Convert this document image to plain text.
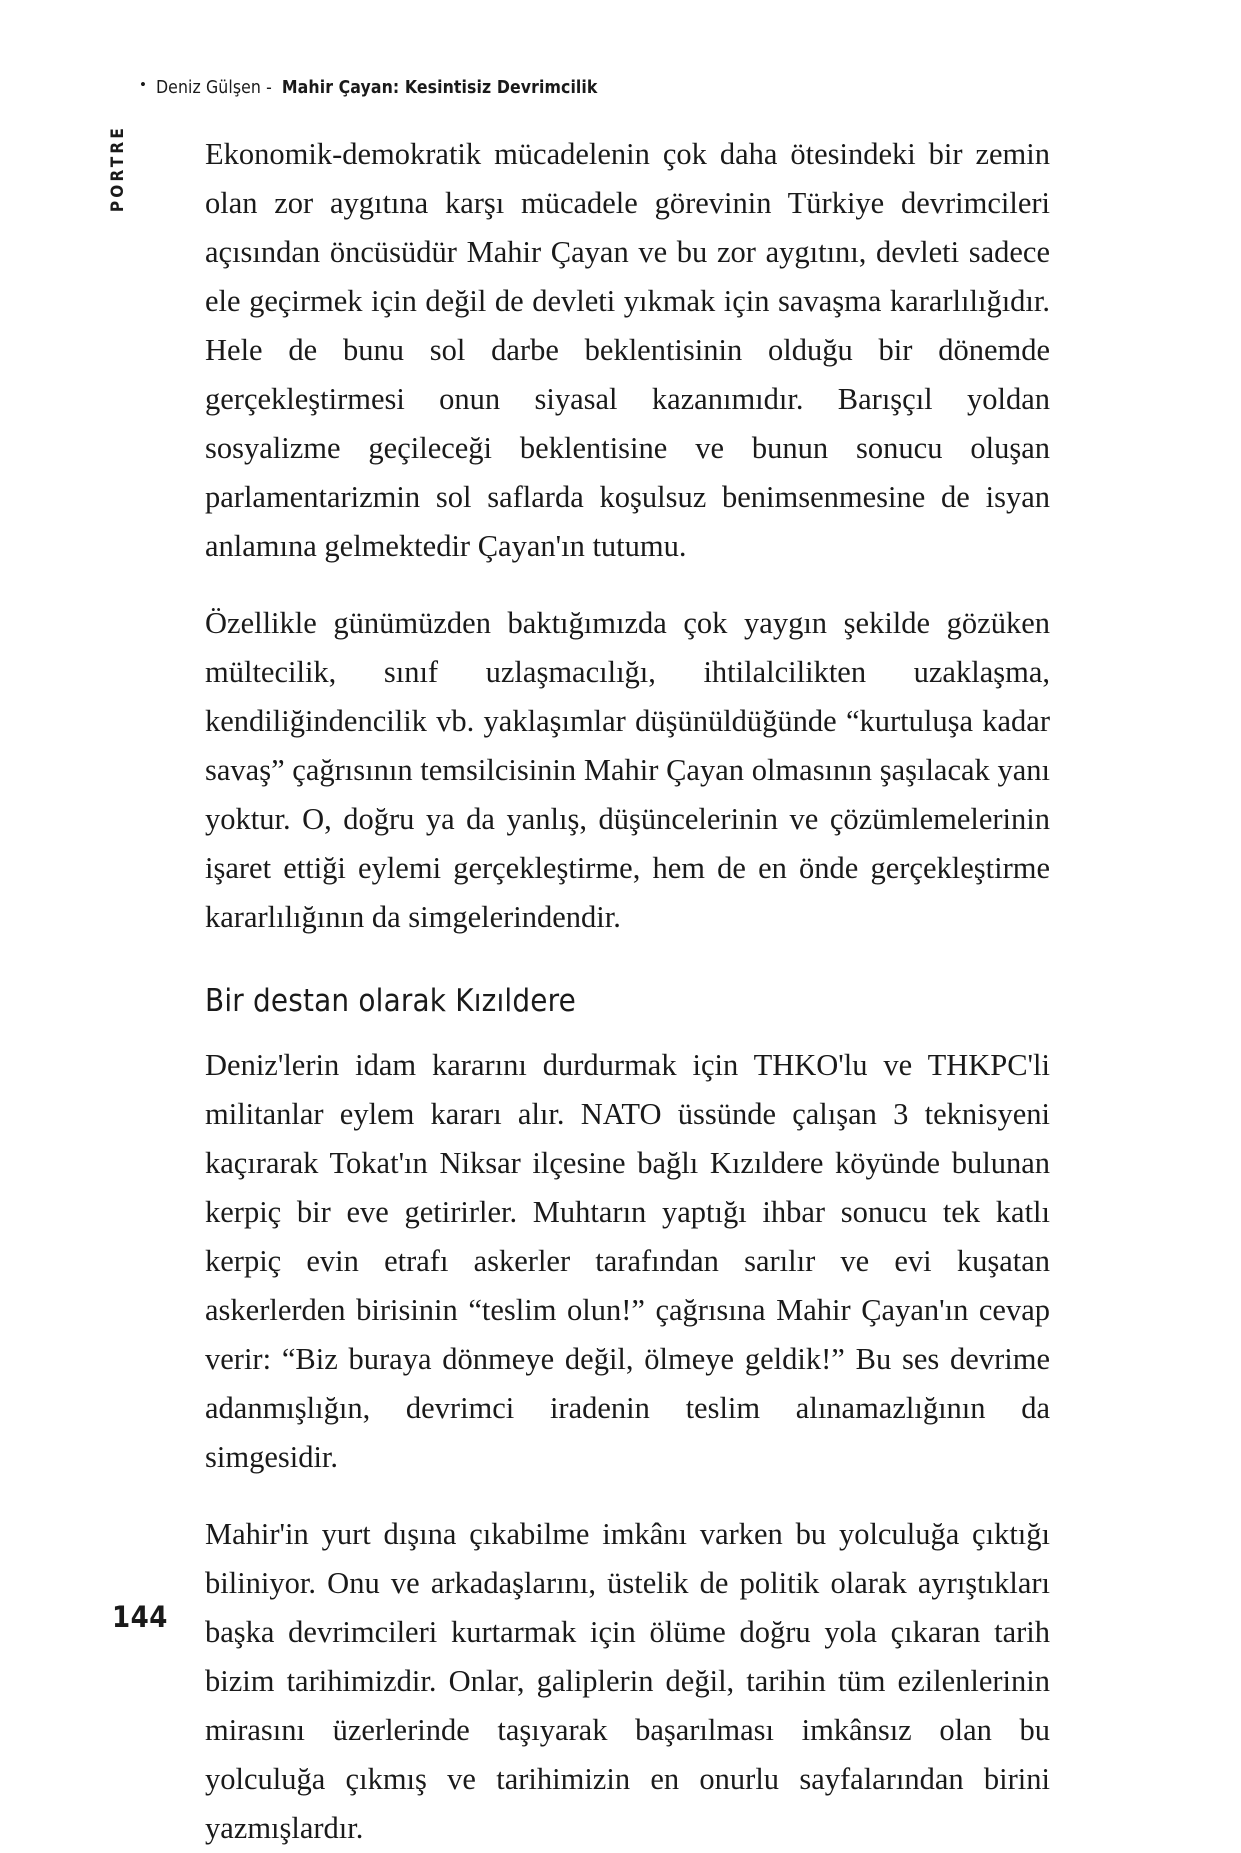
• Deniz Gülşen - Mahir Çayan: Kesintisiz Devrimcilik
PORTRE	Ekonomik-demokratik mücadelenin çok daha ötesindeki bir zemin olan zor aygıtına karşı mücadele görevinin Türkiye devrimcileri açısından öncüsüdür Mahir Çayan ve bu zor aygıtını, devleti sadece ele geçirmek için değil de devleti yıkmak için savaşma kararlılığıdır. Hele de bunu sol darbe beklentisinin olduğu bir dönemde gerçekleştirmesi onun siyasal kazanımıdır. Barışçıl yoldan sosyalizme geçileceği beklentisine ve bunun sonucu oluşan parlamentarizmin sol saflarda koşulsuz benimsenmesine de isyan anlamına gelmektedir Çayan'ın tutumu.

Özellikle günümüzden baktığımızda çok yaygın şekilde gözüken mültecilik, sınıf uzlaşmacılığı, ihtilalcilikten uzaklaşma, kendiliğindencilik vb. yaklaşımlar düşünüldüğünde “kurtuluşa kadar savaş” çağrısının temsilcisinin Mahir Çayan olmasının şaşılacak yanı yoktur. O, doğru ya da yanlış, düşüncelerinin ve çözümlemelerinin işaret ettiği eylemi gerçekleştirme, hem de en önde gerçekleştirme kararlılığının da simgelerindendir.

Bir destan olarak Kızıldere

Deniz'lerin idam kararını durdurmak için THKO'lu ve THKPC'li militanlar eylem kararı alır. NATO üssünde çalışan 3 teknisyeni kaçırarak Tokat'ın Niksar ilçesine bağlı Kızıldere köyünde bulunan kerpiç bir eve getirirler. Muhtarın yaptığı ihbar sonucu tek katlı kerpiç evin etrafı askerler tarafından sarılır ve evi kuşatan askerlerden birisinin “teslim olun!” çağrısına Mahir Çayan'ın cevap verir: “Biz buraya dönmeye değil, ölmeye geldik!” Bu ses devrime adanmışlığın, devrimci iradenin teslim alınamazlığının da simgesidir.

Mahir'in yurt dışına çıkabilme imkânı varken bu yolculuğa çıktığı biliniyor. Onu ve arkadaşlarını, üstelik de politik olarak ayrıştıkları başka devrimcileri kurtarmak için ölüme doğru yola çıkaran tarih bizim tarihimizdir. Onlar, galiplerin değil, tarihin tüm ezilenlerinin mirasını üzerlerinde taşıyarak başarılması imkânsız olan bu yolculuğa çıkmış ve tarihimizin en onurlu sayfalarından birini yazmışlardır.

144
